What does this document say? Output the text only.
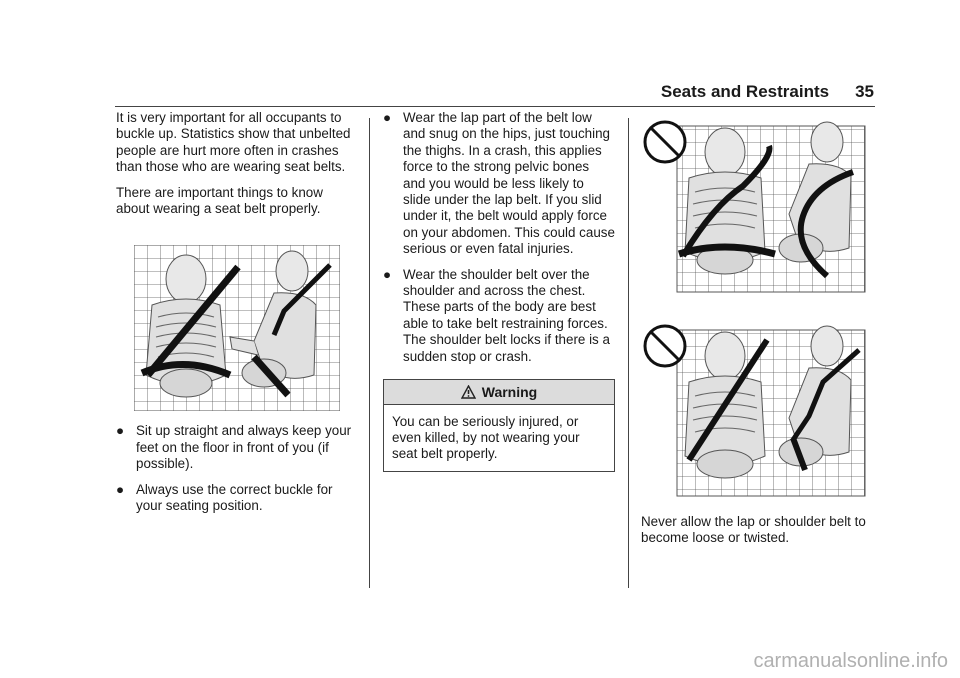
Seats and Restraints 35

It is very important for all occupants to buckle up. Statistics show that unbelted people are hurt more often in crashes than those who are wearing seat belts.

There are important things to know about wearing a seat belt properly.

● Sit up straight and always keep your feet on the floor in front of you (if possible).
● Always use the correct buckle for your seating position.
● Wear the lap part of the belt low and snug on the hips, just touching the thighs. In a crash, this applies force to the strong pelvic bones and you would be less likely to slide under the lap belt. If you slid under it, the belt would apply force on your abdomen. This could cause serious or even fatal injuries.
● Wear the shoulder belt over the shoulder and across the chest. These parts of the body are best able to take belt restraining forces. The shoulder belt locks if there is a sudden stop or crash.
Warning
You can be seriously injured, or even killed, by not wearing your seat belt properly.

Never allow the lap or shoulder belt to become loose or twisted.

carmanualsonline.info
